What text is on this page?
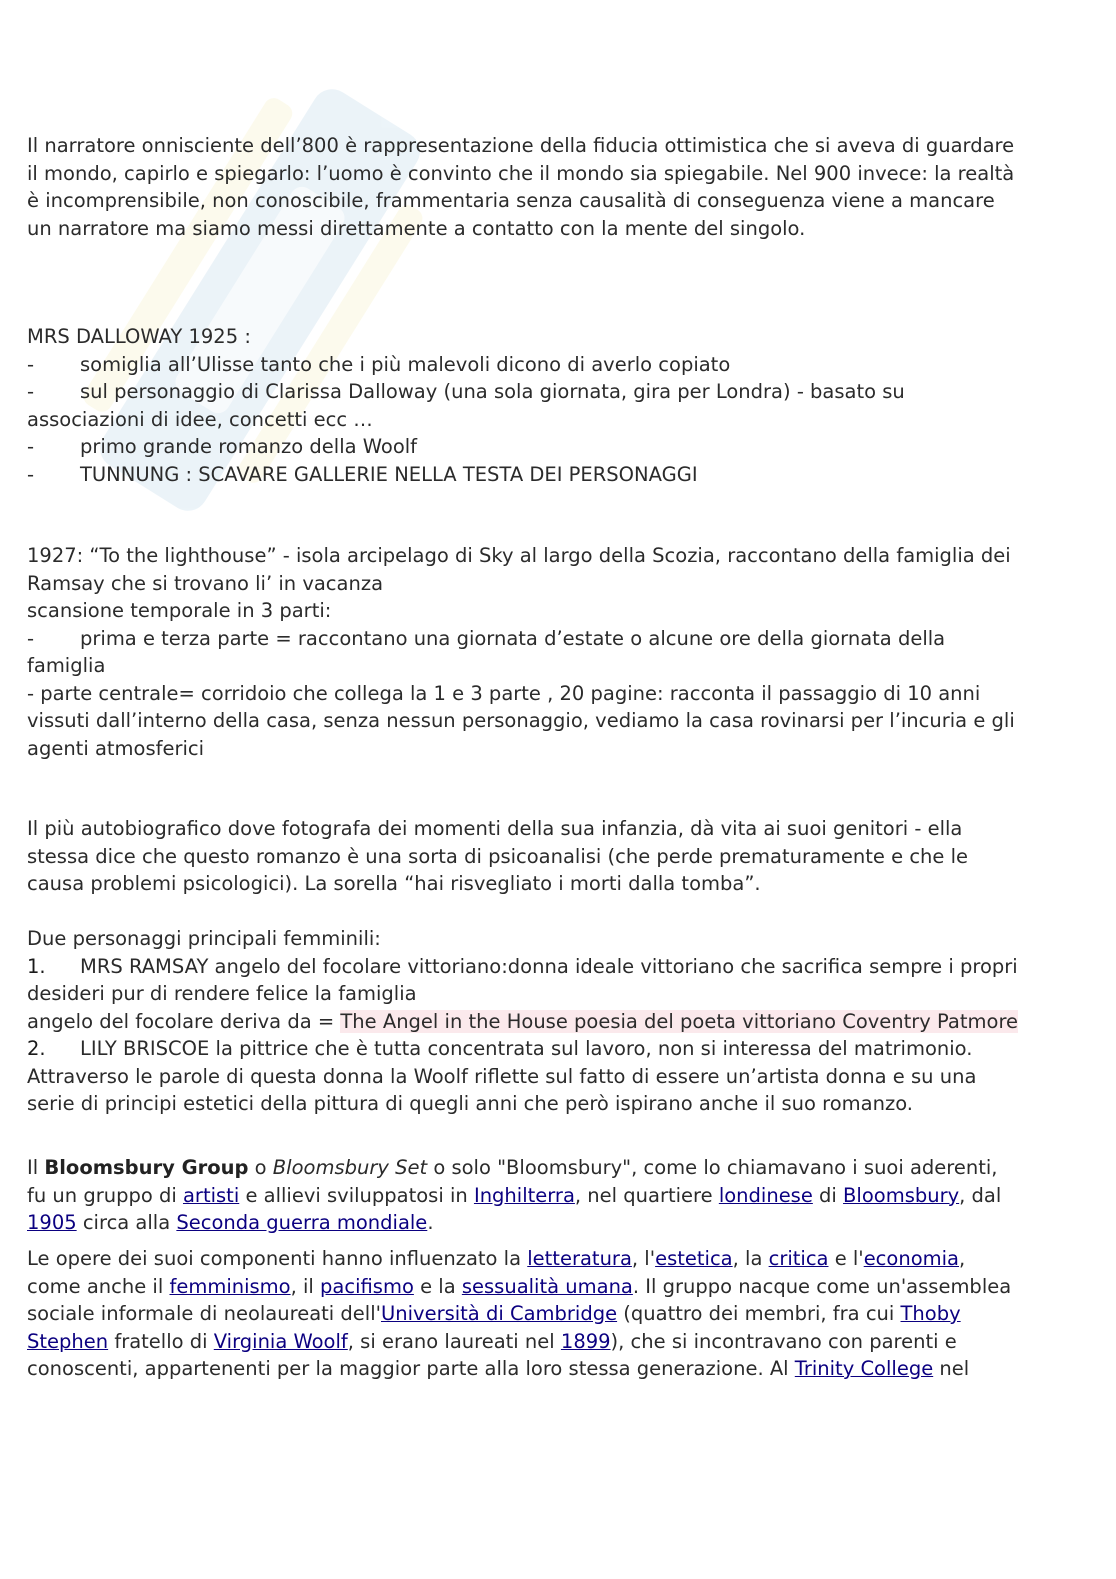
Il narratore onnisciente dell’800 è rappresentazione della fiducia ottimistica che si aveva di guardare
il mondo, capirlo e spiegarlo: l’uomo è convinto che il mondo sia spiegabile. Nel 900 invece: la realtà
è incomprensibile, non conoscibile, frammentaria senza causalità di conseguenza viene a mancare
un narratore ma siamo messi direttamente a contatto con la mente del singolo.
MRS DALLOWAY 1925 :
- somiglia all’Ulisse tanto che i più malevoli dicono di averlo copiato
- sul personaggio di Clarissa Dalloway (una sola giornata, gira per Londra) - basato su
associazioni di idee, concetti ecc …
- primo grande romanzo della Woolf
- TUNNUNG : SCAVARE GALLERIE NELLA TESTA DEI PERSONAGGI
1927: “To the lighthouse” - isola arcipelago di Sky al largo della Scozia, raccontano della famiglia dei
Ramsay che si trovano li’ in vacanza
scansione temporale in 3 parti:
- prima e terza parte = raccontano una giornata d’estate o alcune ore della giornata della
famiglia
- parte centrale= corridoio che collega la 1 e 3 parte , 20 pagine: racconta il passaggio di 10 anni
vissuti dall’interno della casa, senza nessun personaggio, vediamo la casa rovinarsi per l’incuria e gli
agenti atmosferici
Il più autobiografico dove fotografa dei momenti della sua infanzia, dà vita ai suoi genitori - ella
stessa dice che questo romanzo è una sorta di psicoanalisi (che perde prematuramente e che le
causa problemi psicologici). La sorella “hai risvegliato i morti dalla tomba”.
Due personaggi principali femminili:
1. MRS RAMSAY angelo del focolare vittoriano:donna ideale vittoriano che sacrifica sempre i propri
desideri pur di rendere felice la famiglia
angelo del focolare deriva da = The Angel in the House poesia del poeta vittoriano Coventry Patmore
2. LILY BRISCOE la pittrice che è tutta concentrata sul lavoro, non si interessa del matrimonio.
Attraverso le parole di questa donna la Woolf riflette sul fatto di essere un’artista donna e su una
serie di principi estetici della pittura di quegli anni che però ispirano anche il suo romanzo.
Il Bloomsbury Group o Bloomsbury Set o solo "Bloomsbury", come lo chiamavano i suoi aderenti,
fu un gruppo di artisti e allievi sviluppatosi in Inghilterra, nel quartiere londinese di Bloomsbury, dal
1905 circa alla Seconda guerra mondiale.
Le opere dei suoi componenti hanno influenzato la letteratura, l'estetica, la critica e l'economia,
come anche il femminismo, il pacifismo e la sessualità umana. Il gruppo nacque come un'assemblea
sociale informale di neolaureati dell'Università di Cambridge (quattro dei membri, fra cui Thoby
Stephen fratello di Virginia Woolf, si erano laureati nel 1899), che si incontravano con parenti e
conoscenti, appartenenti per la maggior parte alla loro stessa generazione. Al Trinity College nel
